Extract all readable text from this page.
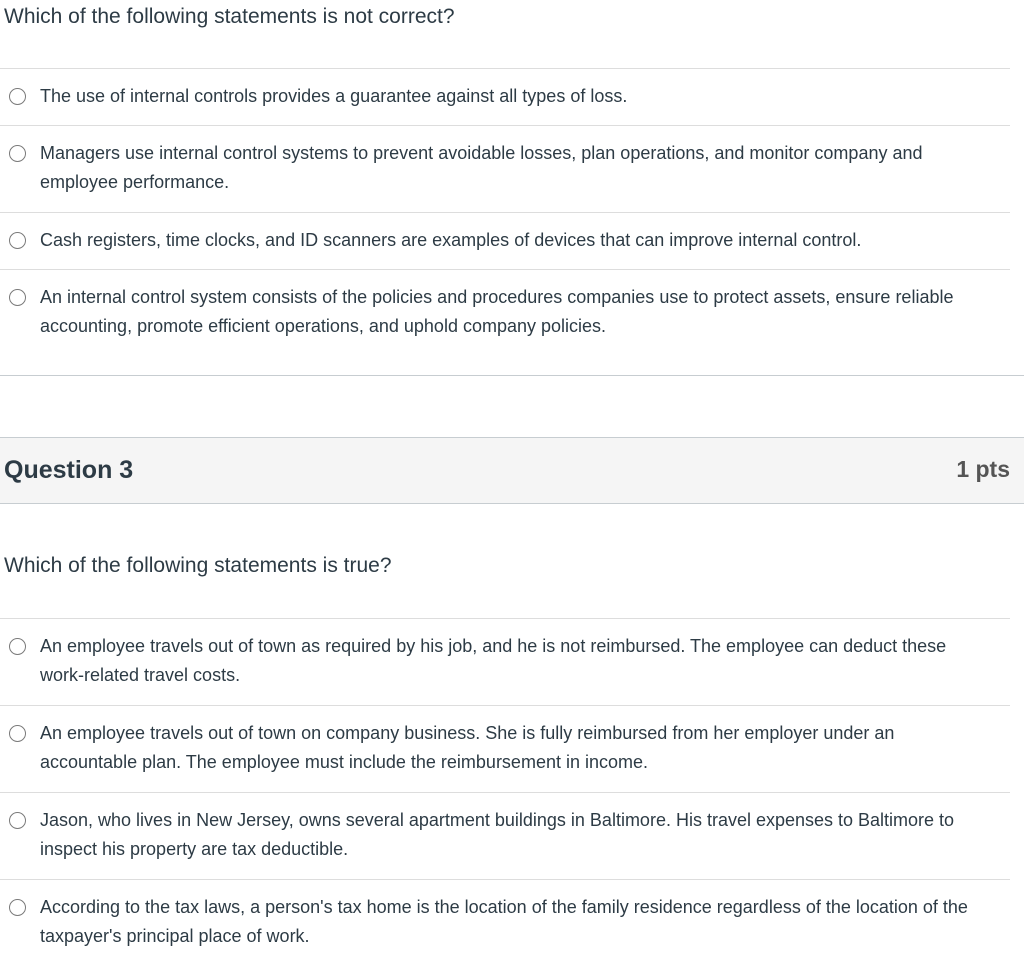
Which of the following statements is not correct?
The use of internal controls provides a guarantee against all types of loss.
Managers use internal control systems to prevent avoidable losses, plan operations, and monitor company and employee performance.
Cash registers, time clocks, and ID scanners are examples of devices that can improve internal control.
An internal control system consists of the policies and procedures companies use to protect assets, ensure reliable accounting, promote efficient operations, and uphold company policies.
Question 3	1 pts
Which of the following statements is true?
An employee travels out of town as required by his job, and he is not reimbursed. The employee can deduct these work-related travel costs.
An employee travels out of town on company business. She is fully reimbursed from her employer under an accountable plan. The employee must include the reimbursement in income.
Jason, who lives in New Jersey, owns several apartment buildings in Baltimore. His travel expenses to Baltimore to inspect his property are tax deductible.
According to the tax laws, a person's tax home is the location of the family residence regardless of the location of the taxpayer's principal place of work.
